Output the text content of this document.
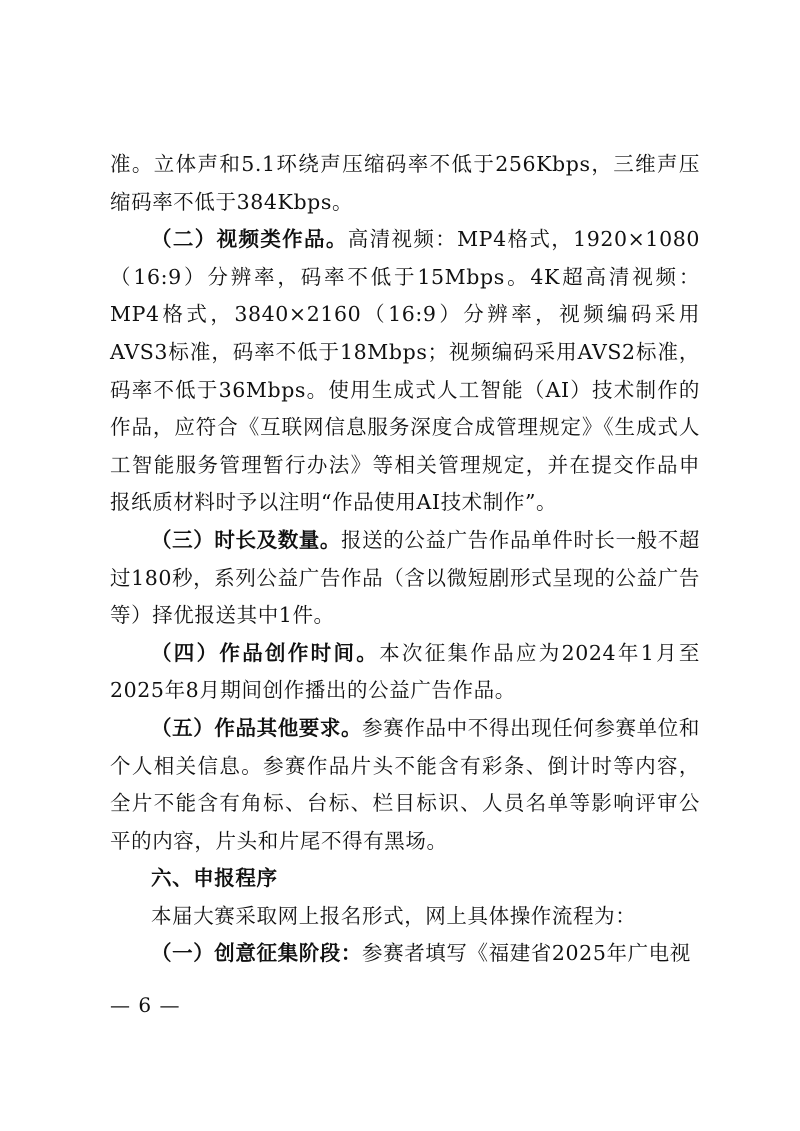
准。立体声和5.1环绕声压缩码率不低于256Kbps，三维声压缩码率不低于384Kbps。

（二）视频类作品。高清视频：MP4格式，1920×1080（16:9）分辨率，码率不低于15Mbps。4K超高清视频：MP4格式，3840×2160（16:9）分辨率，视频编码采用AVS3标准，码率不低于18Mbps；视频编码采用AVS2标准，码率不低于36Mbps。使用生成式人工智能（AI）技术制作的作品，应符合《互联网信息服务深度合成管理规定》《生成式人工智能服务管理暂行办法》等相关管理规定，并在提交作品申报纸质材料时予以注明“作品使用AI技术制作”。

（三）时长及数量。报送的公益广告作品单件时长一般不超过180秒，系列公益广告作品（含以微短剧形式呈现的公益广告等）择优报送其中1件。

（四）作品创作时间。本次征集作品应为2024年1月至2025年8月期间创作播出的公益广告作品。

（五）作品其他要求。参赛作品中不得出现任何参赛单位和个人相关信息。参赛作品片头不能含有彩条、倒计时等内容，全片不能含有角标、台标、栏目标识、人员名单等影响评审公平的内容，片头和片尾不得有黑场。

六、申报程序

本届大赛采取网上报名形式，网上具体操作流程为：

（一）创意征集阶段：参赛者填写《福建省2025年广电视

— 6 —
